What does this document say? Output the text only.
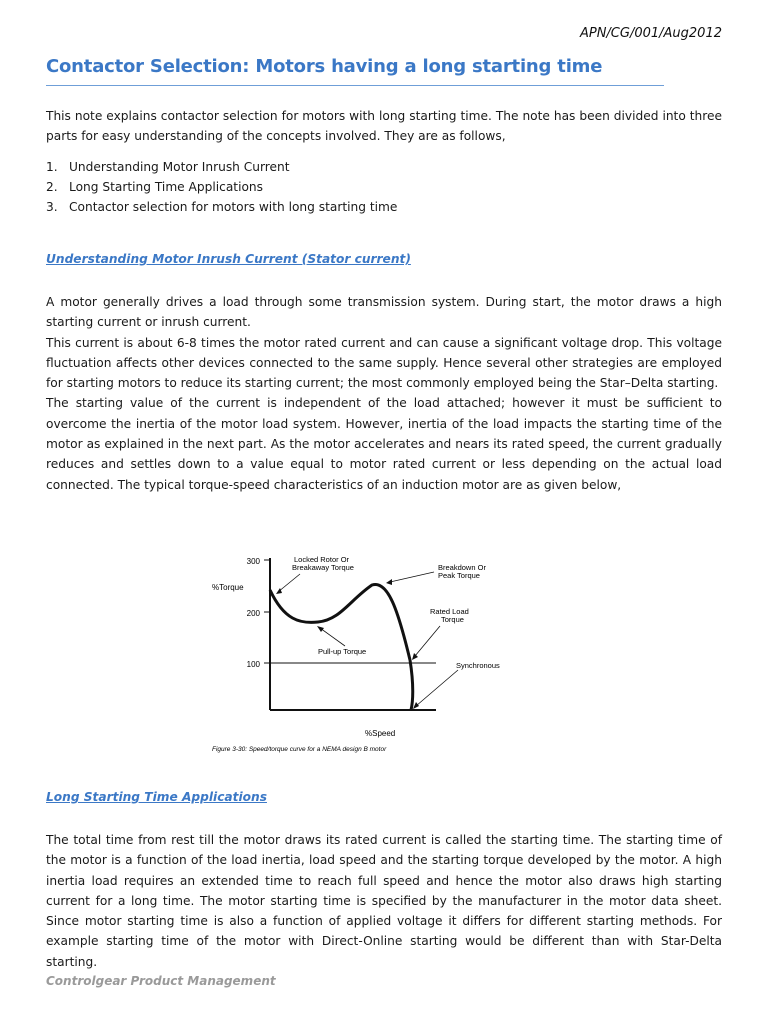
APN/CG/001/Aug2012
Contactor Selection: Motors having a long starting time

This note explains contactor selection for motors with long starting time. The note has been divided into three parts for easy understanding of the concepts involved. They are as follows,

1. Understanding Motor Inrush Current
2. Long Starting Time Applications
3. Contactor selection for motors with long starting time
Understanding Motor Inrush Current (Stator current)

A motor generally drives a load through some transmission system. During start, the motor draws a high starting current or inrush current.

This current is about 6-8 times the motor rated current and can cause a significant voltage drop. This voltage fluctuation affects other devices connected to the same supply. Hence several other strategies are employed for starting motors to reduce its starting current; the most commonly employed being the Star–Delta starting.

The starting value of the current is independent of the load attached; however it must be sufficient to overcome the inertia of the motor load system. However, inertia of the load impacts the starting time of the motor as explained in the next part. As the motor accelerates and nears its rated speed, the current gradually reduces and settles down to a value equal to motor rated current or less depending on the actual load connected. The typical torque-speed characteristics of an induction motor are as given below,

300
200
100
%Torque
%Speed
Locked Rotor Or
Breakaway Torque	Breakdown Or
Peak Torque
Rated Load
Torque
Pull-up Torque
Synchronous
Figure 3-30: Speed/torque curve for a NEMA design B motor
Long Starting Time Applications

The total time from rest till the motor draws its rated current is called the starting time. The starting time of the motor is a function of the load inertia, load speed and the starting torque developed by the motor. A high inertia load requires an extended time to reach full speed and hence the motor also draws high starting current for a long time. The motor starting time is specified by the manufacturer in the motor data sheet. Since motor starting time is also a function of applied voltage it differs for different starting methods. For example starting time of the motor with Direct-Online starting would be different than with Star-Delta starting.

Controlgear Product Management
